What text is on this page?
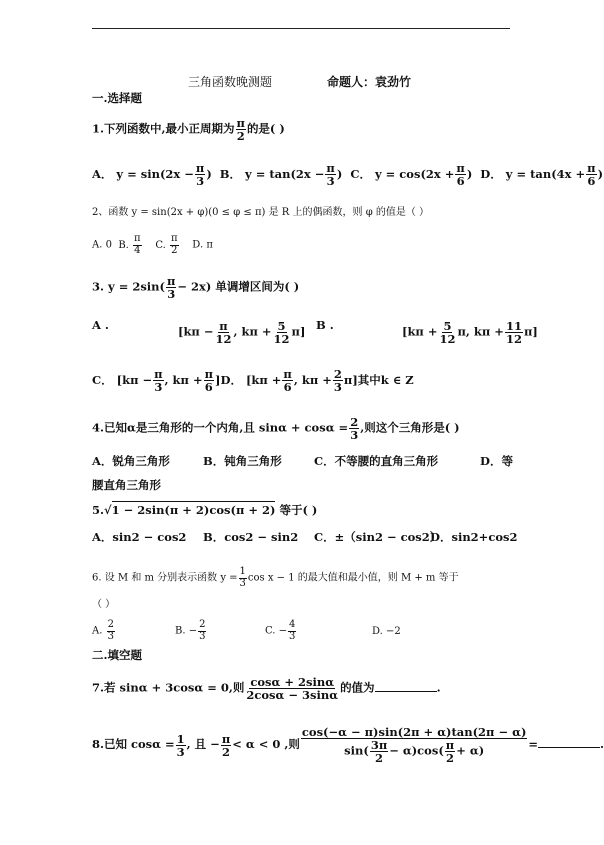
三角函数晚测题	命题人：袁劲竹
一.选择题
1.下列函数中,最小正周期为 $\frac{\pi}{2}$ 的是( )
A． $y = \sin(2x - \frac{\pi}{3}$ ) B． $y = \tan(2x - \frac{\pi}{3}$ ) C． $y = \cos(2x + \frac{\pi}{6}$ ) D． $y = \tan(4x + \frac{\pi}{6}$ )
2、函数 y = sin(2x + φ)(0 ≤ φ ≤ π) 是 R 上的偶函数，则 φ 的值是（ ）
A. 0 B. $\frac{\pi}{4} C$. $\frac{\pi}{2} D$. π
3. $y = 2\sin( \frac{\pi}{3} - 2x)$ 单调增区间为( )
A .	[$k\pi - \frac{\pi}{12}$ , $k\pi + \frac{5}{12} \pi$] B .	[$k\pi + \frac{5}{12} \pi$, $k\pi + \frac{11}{12} \pi$]
C． [$k\pi - \frac{\pi}{3}$ , $k\pi + \frac{\pi}{6} ]D$． [$k\pi + \frac{\pi}{6}$ , $k\pi + \frac{2}{3} \pi$]其中k ∈ Z
4.已知α是三角形的一个内角,且 $\sin\alpha + \cos\alpha = \frac{2}{3}$ ,则这个三角形是( )
A．锐角三角形	B．钝角三角形	C．不等腰的直角三角形	D．等
腰直角三角形
5.√1 − 2sin(π + 2)cos(π + 2) 等于( )
A．sin2 − cos2 B．cos2 − sin2 C．±（sin2 − cos2）
D．sin2+cos2
6. 设 M 和 m 分别表示函数 $y = \frac{1}{3}$ cos x − 1 的最大值和最小值，则 M + m 等于
（ ）
A. $\frac{2}{3}$	B. − $\frac{2}{3}$	C. − $\frac{4}{3}$	D. −2
二.填空题
7.若 sinα + 3cosα = 0,则 $\frac{\cos\alpha + 2\sin\alpha}{2\cos\alpha - 3\sin\alpha}$ 的值为	.
8.已知 $\cos\alpha = \frac{1}{3}$ , 且 − $\frac{\pi}{2} < \alpha < 0$ ,则 $\frac{\cos(-\alpha - \pi)\sin(2\pi + \alpha)\tan(2\pi - \alpha)}{\sin( \frac{3\pi}{2} - \alpha)\cos( \frac{\pi}{2} + \alpha)}$ =	.
